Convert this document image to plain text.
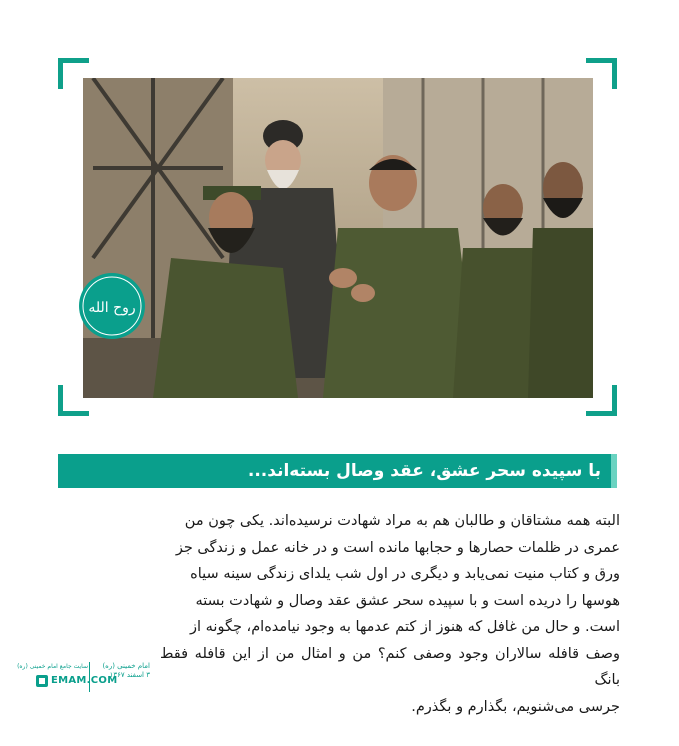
روح الله
با سپیده سحر عشق، عقد وصال بسته‌اند...
البته همه مشتاقان و طالبان هم به مراد شهادت نرسیده‌اند. یکی چون من
عمری در ظلمات حصارها و حجابها مانده است و در خانه عمل و زندگی جز
ورق و کتاب منیت نمی‌یابد و دیگری در اول شب یلدای زندگی سینه سیاه
هوسها را دریده است و با سپیده سحر عشق عقد وصال و شهادت بسته
است. و حال من غافل که هنوز از کتم عدمها به وجود نیامده‌ام، چگونه از
وصف قافله سالاران وجود وصفی کنم؟ من و امثال من از این قافله فقط بانگ
جرسی می‌شنویم، بگذارم و بگذرم.
امام خمینی (ره)
۳ اسفند ۱۳۶۷
EMAM.COM
سایت جامع امام خمینی (ره)
